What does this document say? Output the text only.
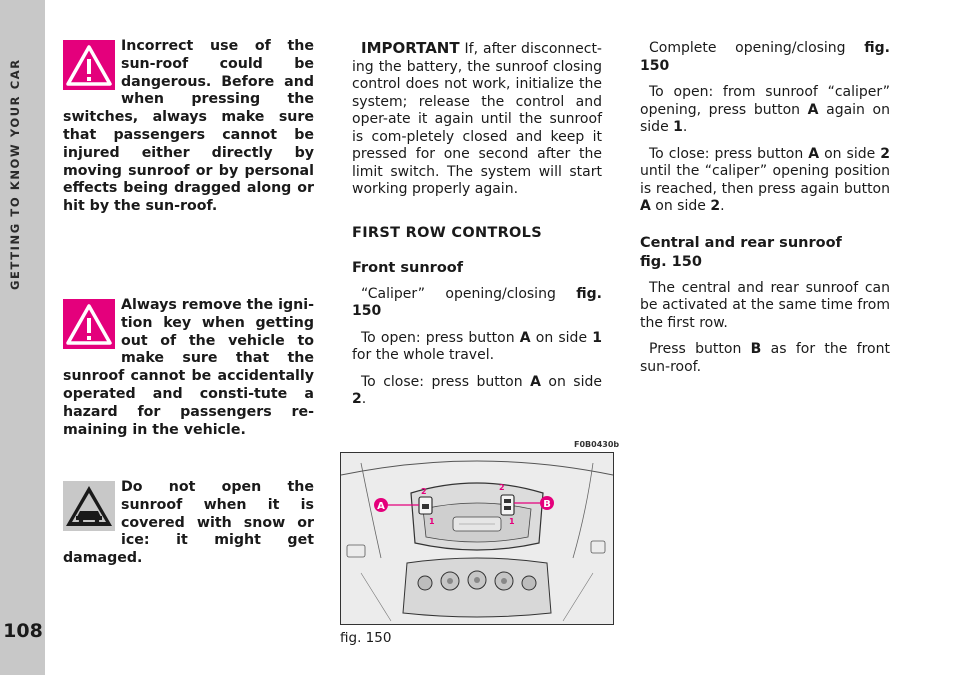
GETTING TO KNOW YOUR CAR
108
Incorrect use of the sun-roof could be dangerous. Before and when pressing the switches, always make sure that passengers cannot be injured either directly by moving sunroof or by personal effects being dragged along or hit by the sun-roof.
Always remove the igni-tion key when getting out of the vehicle to make sure that the sunroof cannot be accidentally operated and consti-tute a hazard for passengers re-maining in the vehicle.
Do not open the sunroof when it is covered with snow or ice: it might get damaged.

IMPORTANT If, after disconnect-ing the battery, the sunroof closing control does not work, initialize the system; release the control and oper-ate it again until the sunroof is com-pletely closed and keep it pressed for one second after the limit switch. The system will start working properly again.

FIRST ROW CONTROLS
Front sunroof

“Caliper” opening/closing fig. 150

To open: press button A on side 1 for the whole travel.

To close: press button A on side 2.

Complete opening/closing fig. 150

To open: from sunroof “caliper” opening, press button A again on side 1.

To close: press button A on side 2 until the “caliper” opening position is reached, then press again button A on side 2.

Central and rear sunroof
fig. 150

The central and rear sunroof can be activated at the same time from the first row.

Press button B as for the front sun-roof.

F0B0430b
A	B
2
1
2
1
fig. 150
